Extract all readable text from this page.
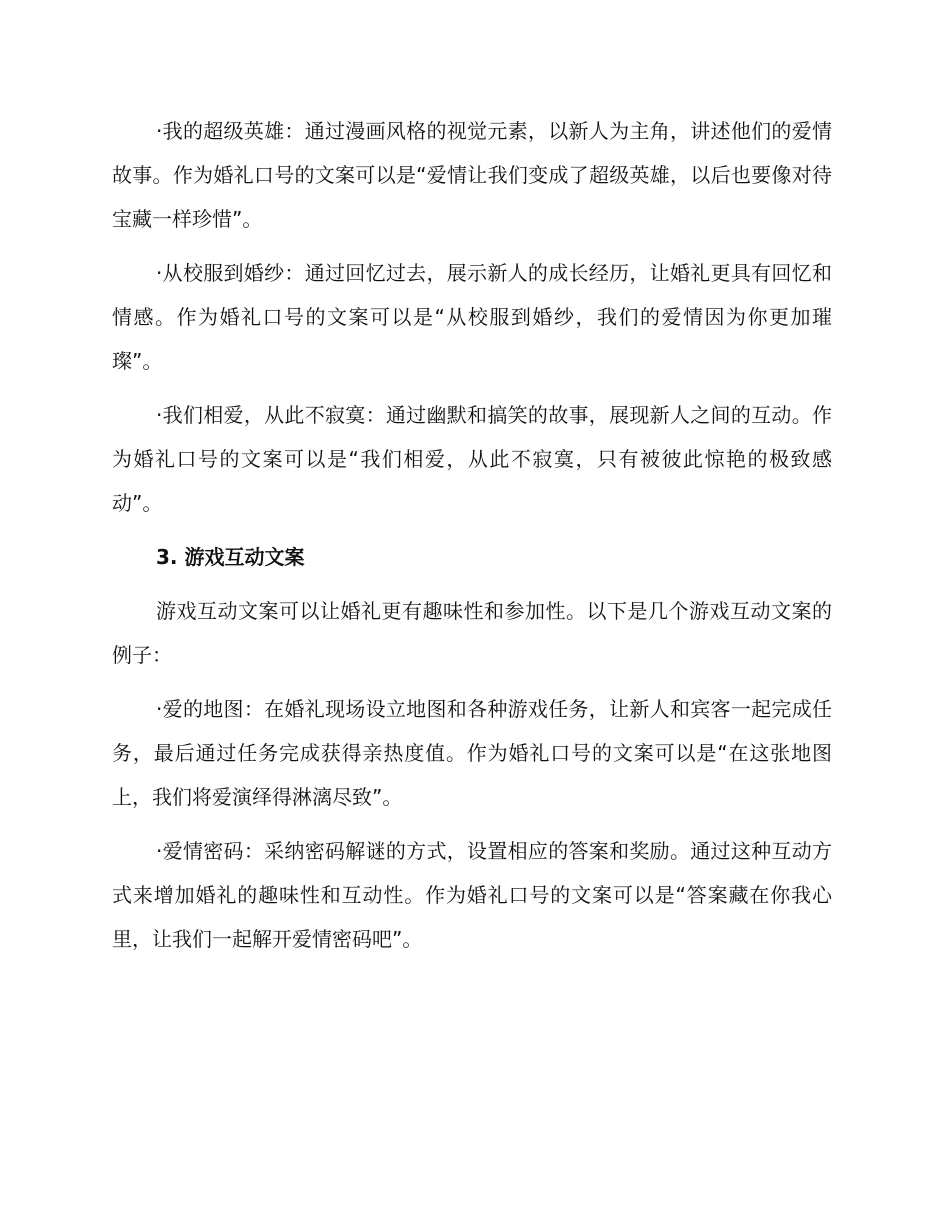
·我的超级英雄：通过漫画风格的视觉元素，以新人为主角，讲述他们的爱情故事。作为婚礼口号的文案可以是“爱情让我们变成了超级英雄，以后也要像对待宝藏一样珍惜”。

·从校服到婚纱：通过回忆过去，展示新人的成长经历，让婚礼更具有回忆和情感。作为婚礼口号的文案可以是“从校服到婚纱，我们的爱情因为你更加璀璨”。

·我们相爱，从此不寂寞：通过幽默和搞笑的故事，展现新人之间的互动。作为婚礼口号的文案可以是“我们相爱，从此不寂寞，只有被彼此惊艳的极致感动”。

3. 游戏互动文案

游戏互动文案可以让婚礼更有趣味性和参加性。以下是几个游戏互动文案的例子：

·爱的地图：在婚礼现场设立地图和各种游戏任务，让新人和宾客一起完成任务，最后通过任务完成获得亲热度值。作为婚礼口号的文案可以是“在这张地图上，我们将爱演绎得淋漓尽致”。

·爱情密码：采纳密码解谜的方式，设置相应的答案和奖励。通过这种互动方式来增加婚礼的趣味性和互动性。作为婚礼口号的文案可以是“答案藏在你我心里，让我们一起解开爱情密码吧”。
